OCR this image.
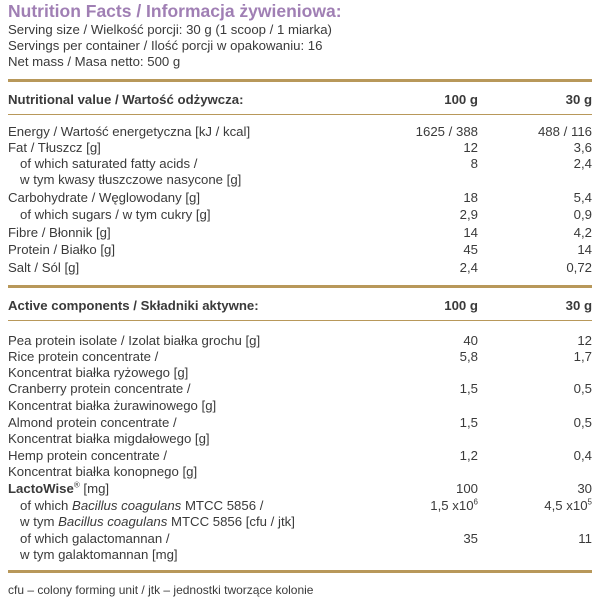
Nutrition Facts / Informacja żywieniowa:
Serving size / Wielkość porcji: 30 g (1 scoop / 1 miarka)
Servings per container / Ilość porcji w opakowaniu: 16
Net mass / Masa netto: 500 g
Nutritional value / Wartość odżywcza:	100 g	30 g
Energy / Wartość energetyczna [kJ / kcal]	1625 / 388	488 / 116
Fat / Tłuszcz [g]	12	3,6
of which saturated fatty acids /	8	2,4
w tym kwasy tłuszczowe nasycone [g]
Carbohydrate / Węglowodany [g]	18	5,4
of which sugars / w tym cukry [g]	2,9	0,9
Fibre / Błonnik [g]	14	4,2
Protein / Białko [g]	45	14
Salt / Sól [g]	2,4	0,72
Active components / Składniki aktywne:	100 g	30 g
Pea protein isolate / Izolat białka grochu [g]	40	12
Rice protein concentrate /	5,8	1,7
Koncentrat białka ryżowego [g]
Cranberry protein concentrate /	1,5	0,5
Koncentrat białka żurawinowego [g]
Almond protein concentrate /	1,5	0,5
Koncentrat białka migdałowego [g]
Hemp protein concentrate /	1,2	0,4
Koncentrat białka konopnego [g]
LactoWise® [mg]	100	30
of which Bacillus coagulans MTCC 5856 /	1,5 $x10^6$	4,5 $x10^5$
w tym Bacillus coagulans MTCC 5856 [cfu / jtk]
of which galactomannan /	35	11
w tym galaktomannan [mg]
cfu – colony forming unit / jtk – jednostki tworzące kolonie
